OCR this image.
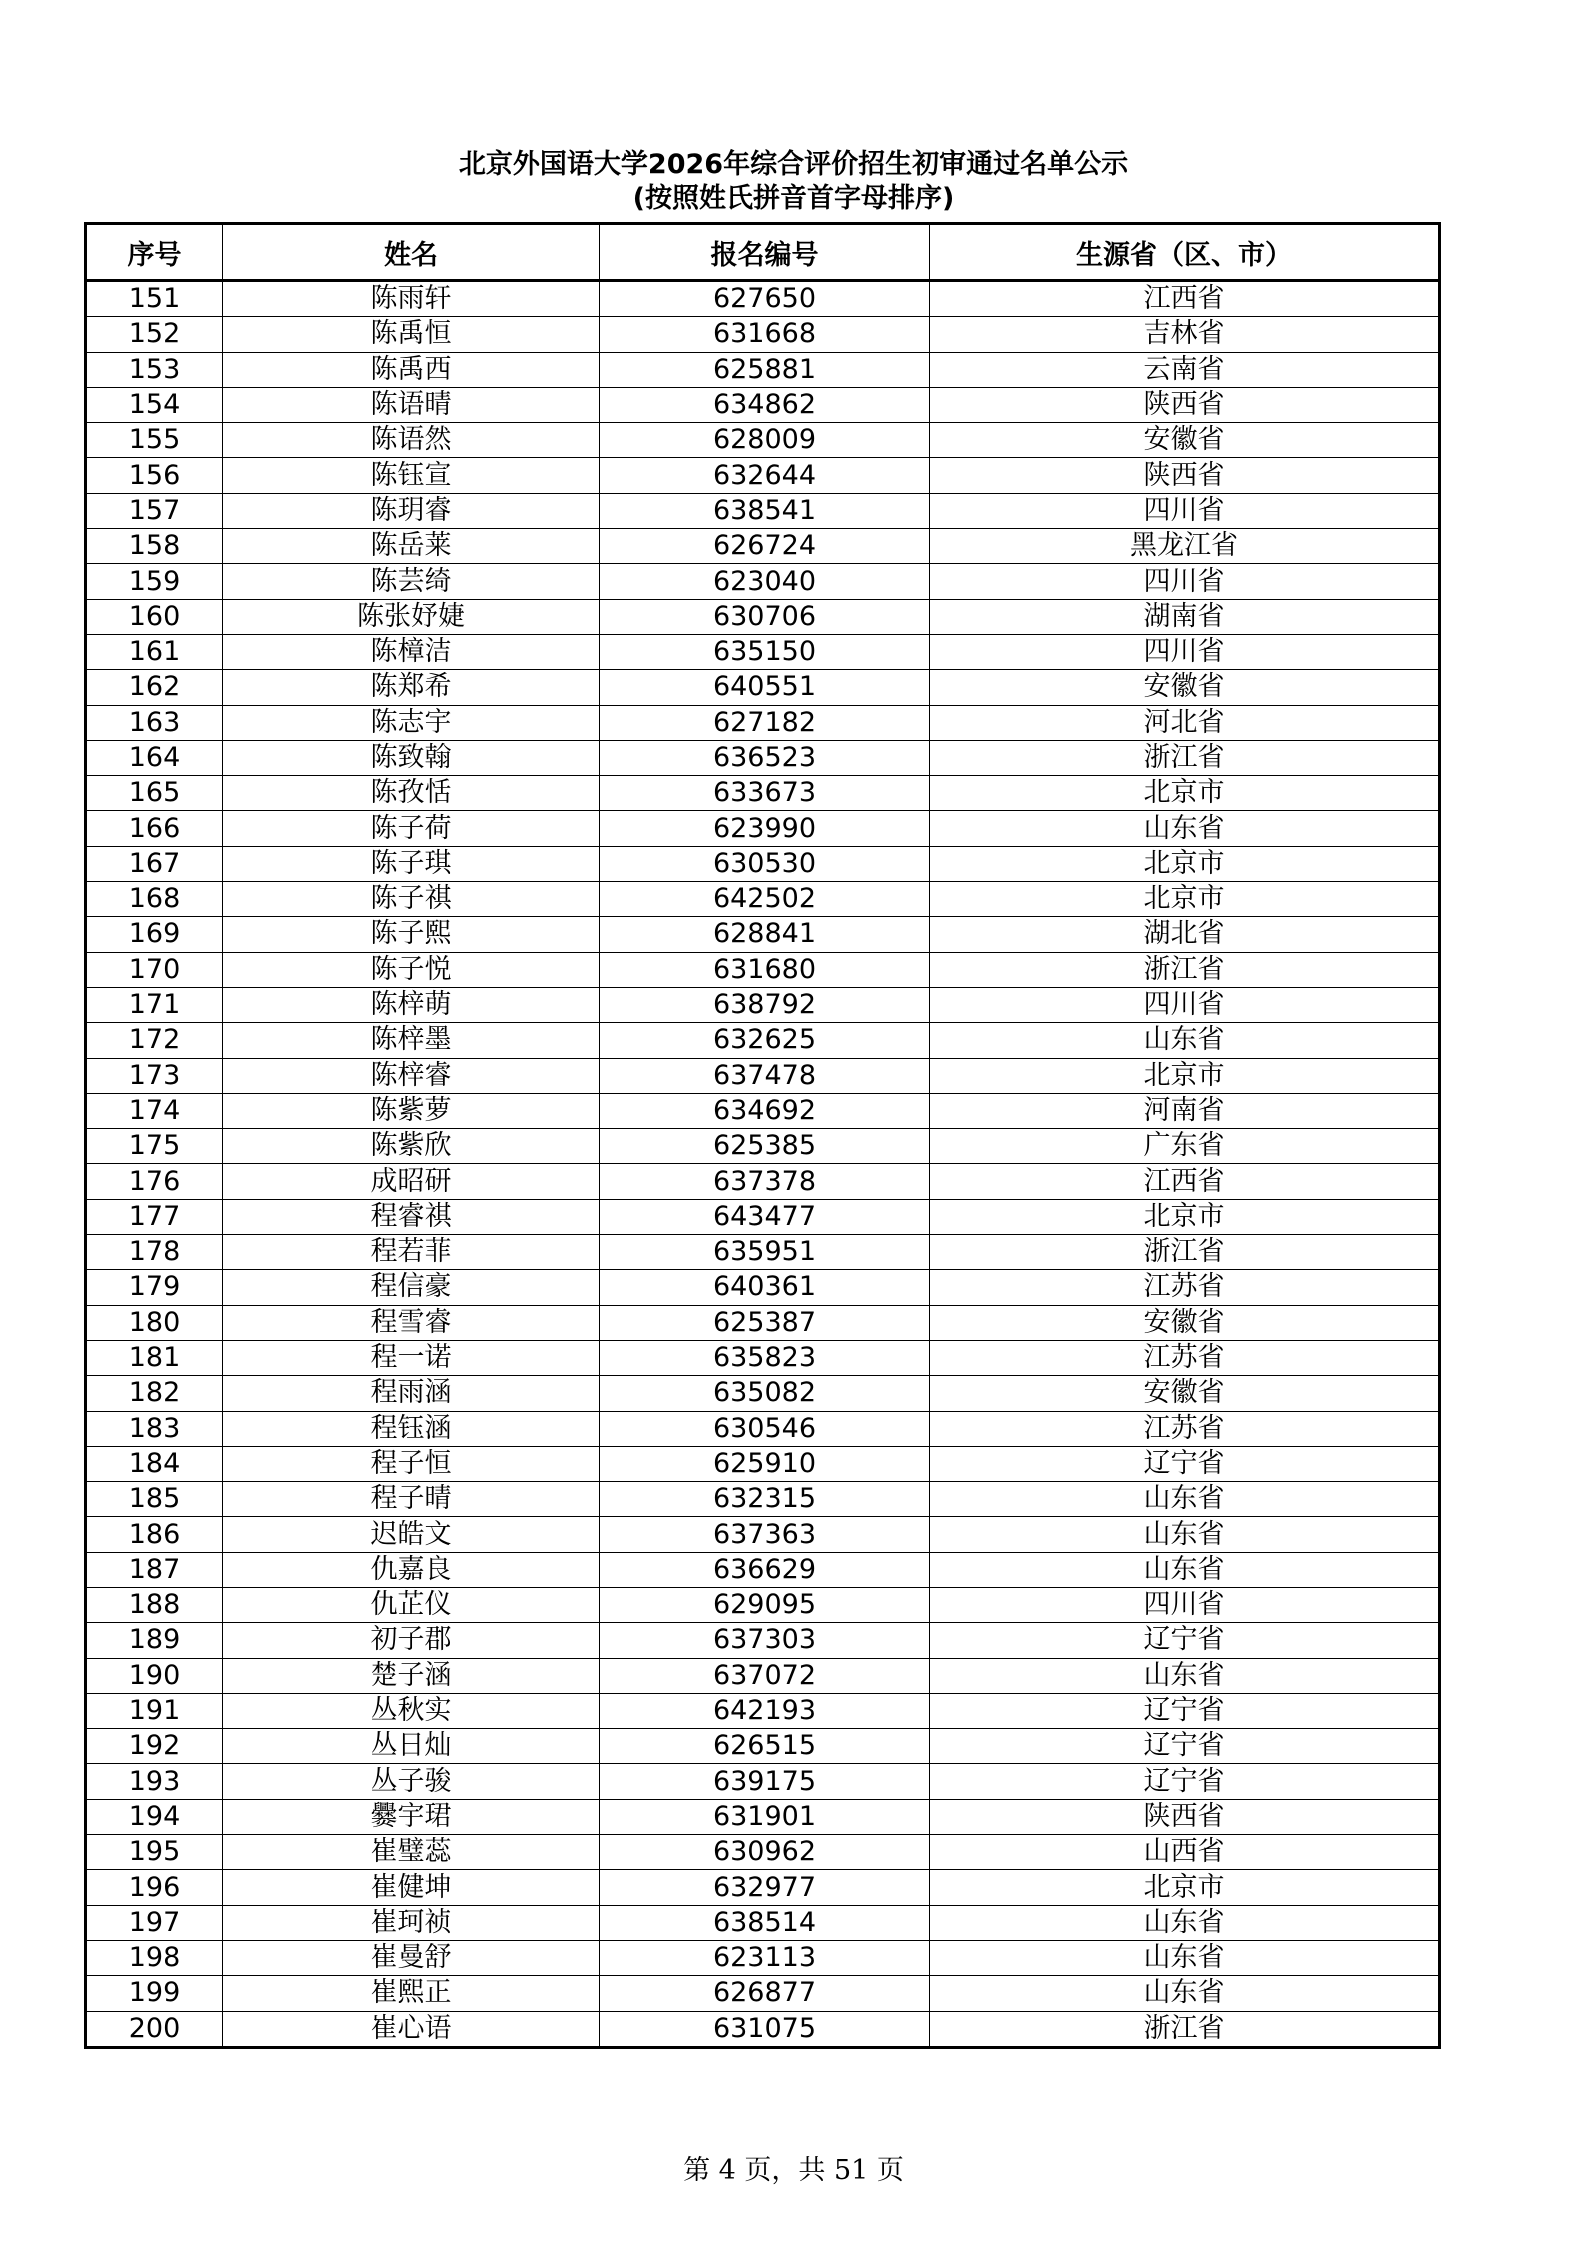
北京外国语大学2026年综合评价招生初审通过名单公示
(按照姓氏拼音首字母排序)
序号	姓名	报名编号	生源省（区、市）
151	陈雨轩	627650	江西省
152	陈禹恒	631668	吉林省
153	陈禹西	625881	云南省
154	陈语晴	634862	陕西省
155	陈语然	628009	安徽省
156	陈钰宣	632644	陕西省
157	陈玥睿	638541	四川省
158	陈岳莱	626724	黑龙江省
159	陈芸绮	623040	四川省
160	陈张妤婕	630706	湖南省
161	陈樟洁	635150	四川省
162	陈郑希	640551	安徽省
163	陈志宇	627182	河北省
164	陈致翰	636523	浙江省
165	陈孜恬	633673	北京市
166	陈子荷	623990	山东省
167	陈子琪	630530	北京市
168	陈子祺	642502	北京市
169	陈子熙	628841	湖北省
170	陈子悦	631680	浙江省
171	陈梓萌	638792	四川省
172	陈梓墨	632625	山东省
173	陈梓睿	637478	北京市
174	陈紫萝	634692	河南省
175	陈紫欣	625385	广东省
176	成昭研	637378	江西省
177	程睿祺	643477	北京市
178	程若菲	635951	浙江省
179	程信豪	640361	江苏省
180	程雪睿	625387	安徽省
181	程一诺	635823	江苏省
182	程雨涵	635082	安徽省
183	程钰涵	630546	江苏省
184	程子恒	625910	辽宁省
185	程子晴	632315	山东省
186	迟皓文	637363	山东省
187	仇嘉良	636629	山东省
188	仇芷仪	629095	四川省
189	初子郡	637303	辽宁省
190	楚子涵	637072	山东省
191	丛秋实	642193	辽宁省
192	丛日灿	626515	辽宁省
193	丛子骏	639175	辽宁省
194	爨宇珺	631901	陕西省
195	崔璧蕊	630962	山西省
196	崔健坤	632977	北京市
197	崔珂祯	638514	山东省
198	崔曼舒	623113	山东省
199	崔熙正	626877	山东省
200	崔心语	631075	浙江省
第 4 页，共 51 页
